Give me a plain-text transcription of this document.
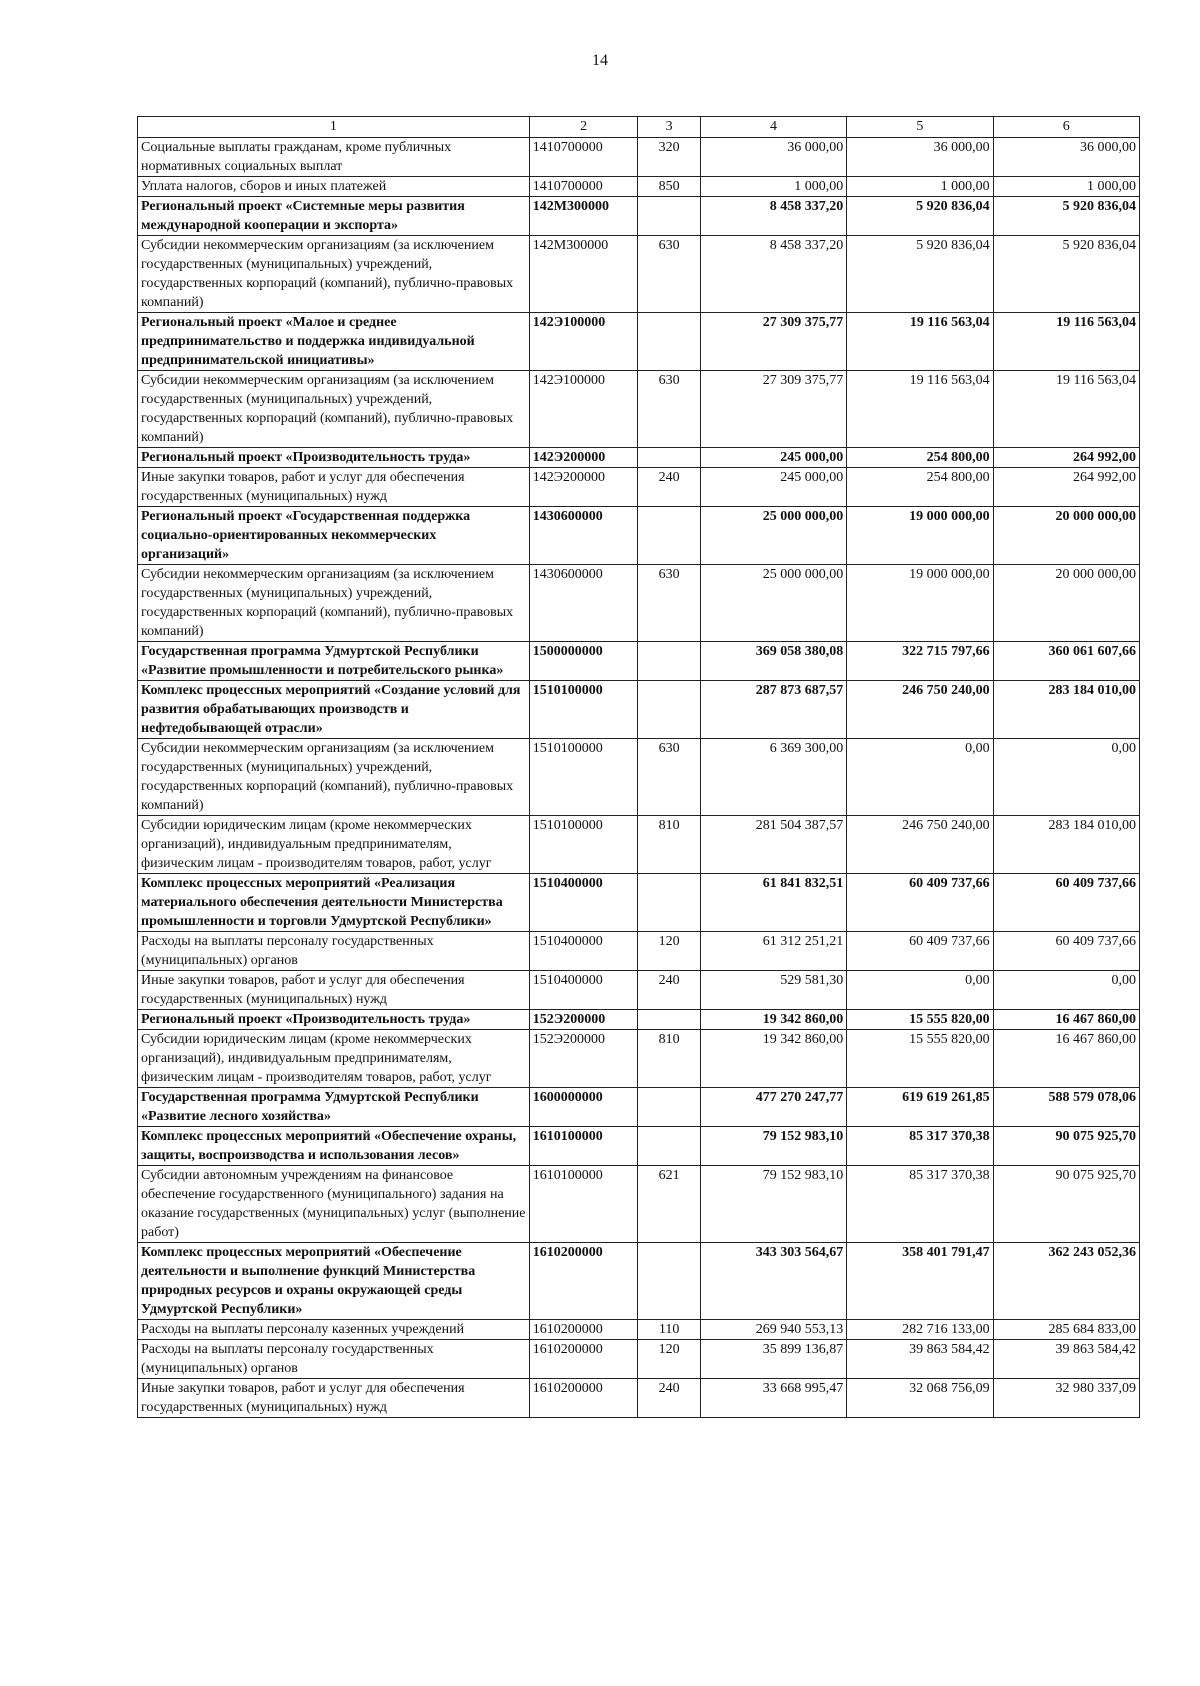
14
1	2	3	4	5	6
Социальные выплаты гражданам, кроме публичных нормативных социальных выплат	1410700000	320	36 000,00	36 000,00	36 000,00
Уплата налогов, сборов и иных платежей	1410700000	850	1 000,00	1 000,00	1 000,00
Региональный проект «Системные меры развития международной кооперации и экспорта»	142М300000		8 458 337,20	5 920 836,04	5 920 836,04
Субсидии некоммерческим организациям (за исключением государственных (муниципальных) учреждений, государственных корпораций (компаний), публично-правовых компаний)	142М300000	630	8 458 337,20	5 920 836,04	5 920 836,04
Региональный проект «Малое и среднее предпринимательство и поддержка индивидуальной предпринимательской инициативы»	142Э100000		27 309 375,77	19 116 563,04	19 116 563,04
Субсидии некоммерческим организациям (за исключением государственных (муниципальных) учреждений, государственных корпораций (компаний), публично-правовых компаний)	142Э100000	630	27 309 375,77	19 116 563,04	19 116 563,04
Региональный проект «Производительность труда»	142Э200000		245 000,00	254 800,00	264 992,00
Иные закупки товаров, работ и услуг для обеспечения государственных (муниципальных) нужд	142Э200000	240	245 000,00	254 800,00	264 992,00
Региональный проект «Государственная поддержка социально-ориентированных некоммерческих организаций»	1430600000		25 000 000,00	19 000 000,00	20 000 000,00
Субсидии некоммерческим организациям (за исключением государственных (муниципальных) учреждений, государственных корпораций (компаний), публично-правовых компаний)	1430600000	630	25 000 000,00	19 000 000,00	20 000 000,00
Государственная программа Удмуртской Республики «Развитие промышленности и потребительского рынка»	1500000000		369 058 380,08	322 715 797,66	360 061 607,66
Комплекс процессных мероприятий «Создание условий для развития обрабатывающих производств и нефтедобывающей отрасли»	1510100000		287 873 687,57	246 750 240,00	283 184 010,00
Субсидии некоммерческим организациям (за исключением государственных (муниципальных) учреждений, государственных корпораций (компаний), публично-правовых компаний)	1510100000	630	6 369 300,00	0,00	0,00
Субсидии юридическим лицам (кроме некоммерческих организаций), индивидуальным предпринимателям, физическим лицам - производителям товаров, работ, услуг	1510100000	810	281 504 387,57	246 750 240,00	283 184 010,00
Комплекс процессных мероприятий «Реализация материального обеспечения деятельности Министерства промышленности и торговли Удмуртской Республики»	1510400000		61 841 832,51	60 409 737,66	60 409 737,66
Расходы на выплаты персоналу государственных (муниципальных) органов	1510400000	120	61 312 251,21	60 409 737,66	60 409 737,66
Иные закупки товаров, работ и услуг для обеспечения государственных (муниципальных) нужд	1510400000	240	529 581,30	0,00	0,00
Региональный проект «Производительность труда»	152Э200000		19 342 860,00	15 555 820,00	16 467 860,00
Субсидии юридическим лицам (кроме некоммерческих организаций), индивидуальным предпринимателям, физическим лицам - производителям товаров, работ, услуг	152Э200000	810	19 342 860,00	15 555 820,00	16 467 860,00
Государственная программа Удмуртской Республики «Развитие лесного хозяйства»	1600000000		477 270 247,77	619 619 261,85	588 579 078,06
Комплекс процессных мероприятий «Обеспечение охраны, защиты, воспроизводства и использования лесов»	1610100000		79 152 983,10	85 317 370,38	90 075 925,70
Субсидии автономным учреждениям на финансовое обеспечение государственного (муниципального) задания на оказание государственных (муниципальных) услуг (выполнение работ)	1610100000	621	79 152 983,10	85 317 370,38	90 075 925,70
Комплекс процессных мероприятий «Обеспечение деятельности и выполнение функций Министерства природных ресурсов и охраны окружающей среды Удмуртской Республики»	1610200000		343 303 564,67	358 401 791,47	362 243 052,36
Расходы на выплаты персоналу казенных учреждений	1610200000	110	269 940 553,13	282 716 133,00	285 684 833,00
Расходы на выплаты персоналу государственных (муниципальных) органов	1610200000	120	35 899 136,87	39 863 584,42	39 863 584,42
Иные закупки товаров, работ и услуг для обеспечения государственных (муниципальных) нужд	1610200000	240	33 668 995,47	32 068 756,09	32 980 337,09
